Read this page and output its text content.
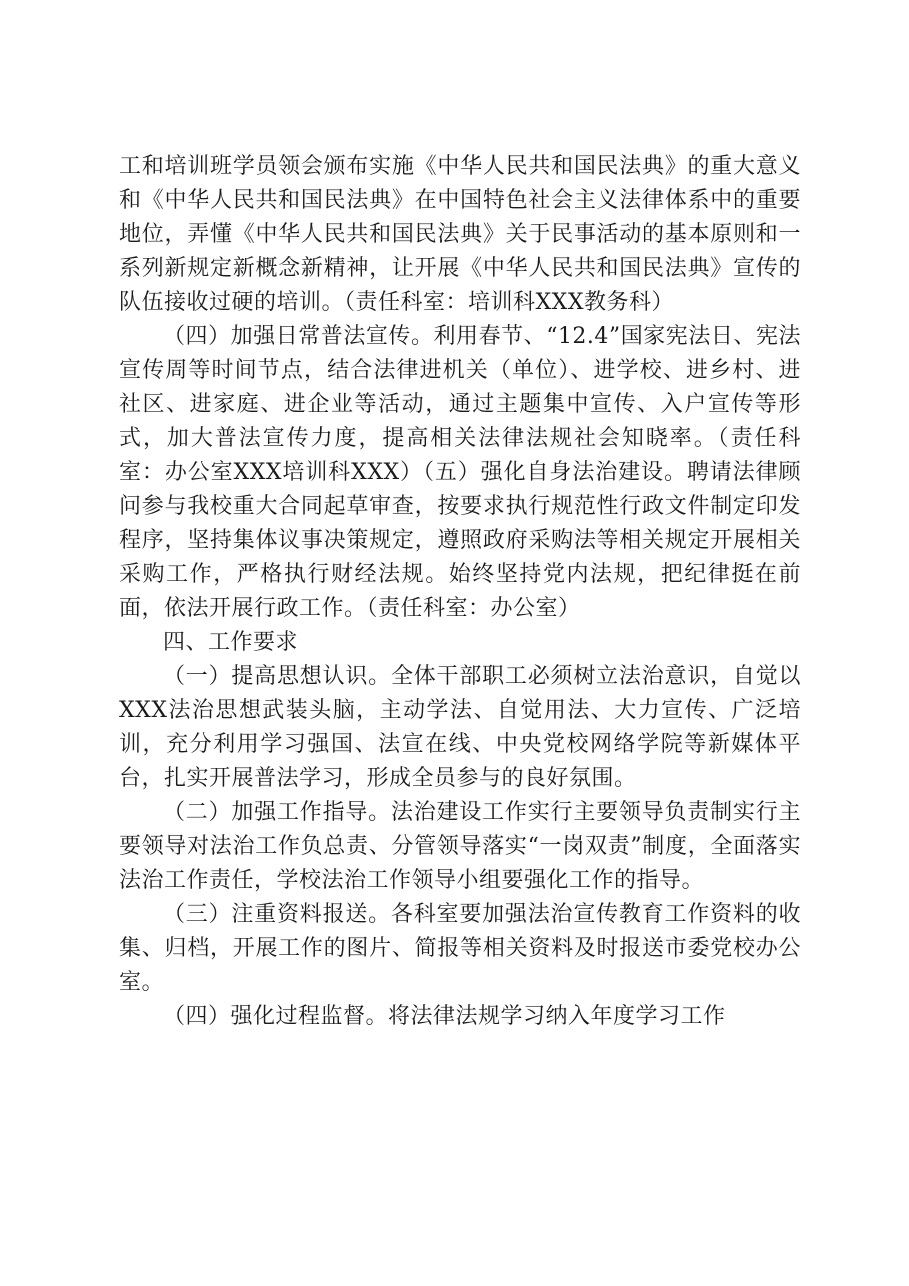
工和培训班学员领会颁布实施《中华人民共和国民法典》的重大意义和《中华人民共和国民法典》在中国特色社会主义法律体系中的重要地位，弄懂《中华人民共和国民法典》关于民事活动的基本原则和一系列新规定新概念新精神，让开展《中华人民共和国民法典》宣传的队伍接收过硬的培训。（责任科室：培训科XXX教务科）

（四）加强日常普法宣传。利用春节、“12.4”国家宪法日、宪法宣传周等时间节点，结合法律进机关（单位）、进学校、进乡村、进社区、进家庭、进企业等活动，通过主题集中宣传、入户宣传等形式，加大普法宣传力度，提高相关法律法规社会知晓率。（责任科室：办公室XXX培训科XXX）（五）强化自身法治建设。聘请法律顾问参与我校重大合同起草审查，按要求执行规范性行政文件制定印发程序，坚持集体议事决策规定，遵照政府采购法等相关规定开展相关采购工作，严格执行财经法规。始终坚持党内法规，把纪律挺在前面，依法开展行政工作。（责任科室：办公室）

四、工作要求

（一）提高思想认识。全体干部职工必须树立法治意识，自觉以XXX法治思想武装头脑，主动学法、自觉用法、大力宣传、广泛培训，充分利用学习强国、法宣在线、中央党校网络学院等新媒体平台，扎实开展普法学习，形成全员参与的良好氛围。

（二）加强工作指导。法治建设工作实行主要领导负责制实行主要领导对法治工作负总责、分管领导落实“一岗双责”制度，全面落实法治工作责任，学校法治工作领导小组要强化工作的指导。

（三）注重资料报送。各科室要加强法治宣传教育工作资料的收集、归档，开展工作的图片、简报等相关资料及时报送市委党校办公室。

（四）强化过程监督。将法律法规学习纳入年度学习工作
